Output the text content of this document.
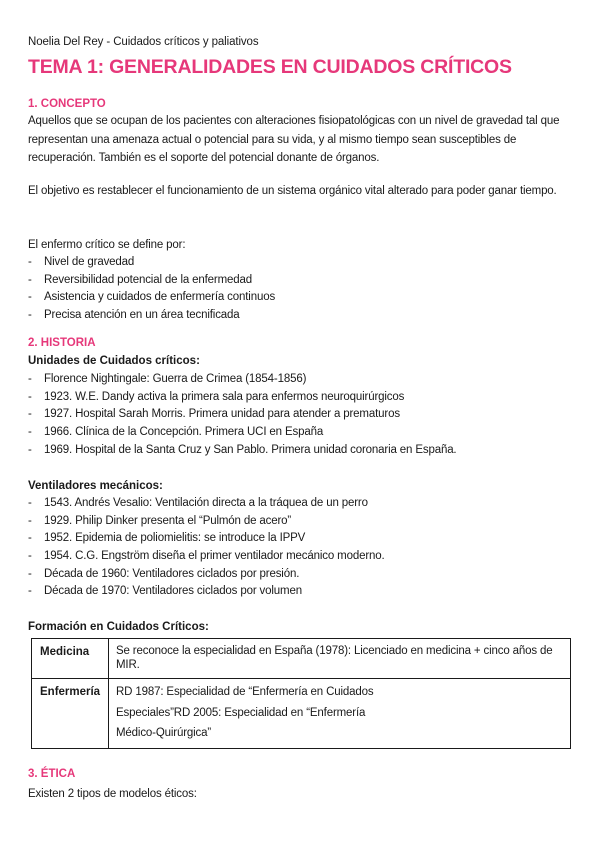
Noelia Del Rey - Cuidados críticos y paliativos
TEMA 1: GENERALIDADES EN CUIDADOS CRÍTICOS
1. CONCEPTO
Aquellos que se ocupan de los pacientes con alteraciones fisiopatológicas con un nivel de gravedad tal que representan una amenaza actual o potencial para su vida, y al mismo tiempo sean susceptibles de recuperación. También es el soporte del potencial donante de órganos.
El objetivo es restablecer el funcionamiento de un sistema orgánico vital alterado para poder ganar tiempo.
El enfermo crítico se define por:
- Nivel de gravedad
- Reversibilidad potencial de la enfermedad
- Asistencia y cuidados de enfermería continuos
- Precisa atención en un área tecnificada
2. HISTORIA
Unidades de Cuidados críticos:
- Florence Nightingale: Guerra de Crimea (1854-1856)
- 1923. W.E. Dandy activa la primera sala para enfermos neuroquirúrgicos
- 1927. Hospital Sarah Morris. Primera unidad para atender a prematuros
- 1966. Clínica de la Concepción. Primera UCI en España
- 1969. Hospital de la Santa Cruz y San Pablo. Primera unidad coronaria en España.
Ventiladores mecánicos:
- 1543. Andrés Vesalio: Ventilación directa a la tráquea de un perro
- 1929. Philip Dinker presenta el “Pulmón de acero”
- 1952. Epidemia de poliomielitis: se introduce la IPPV
- 1954. C.G. Engström diseña el primer ventilador mecánico moderno.
- Década de 1960: Ventiladores ciclados por presión.
- Década de 1970: Ventiladores ciclados por volumen
Formación en Cuidados Críticos:
Medicina	Se reconoce la especialidad en España (1978): Licenciado en medicina + cinco años de MIR.
Enfermería	RD 1987: Especialidad de “Enfermería en Cuidados
Especiales”RD 2005: Especialidad en “Enfermería
Médico-Quirúrgica”
3. ÉTICA
Existen 2 tipos de modelos éticos:
